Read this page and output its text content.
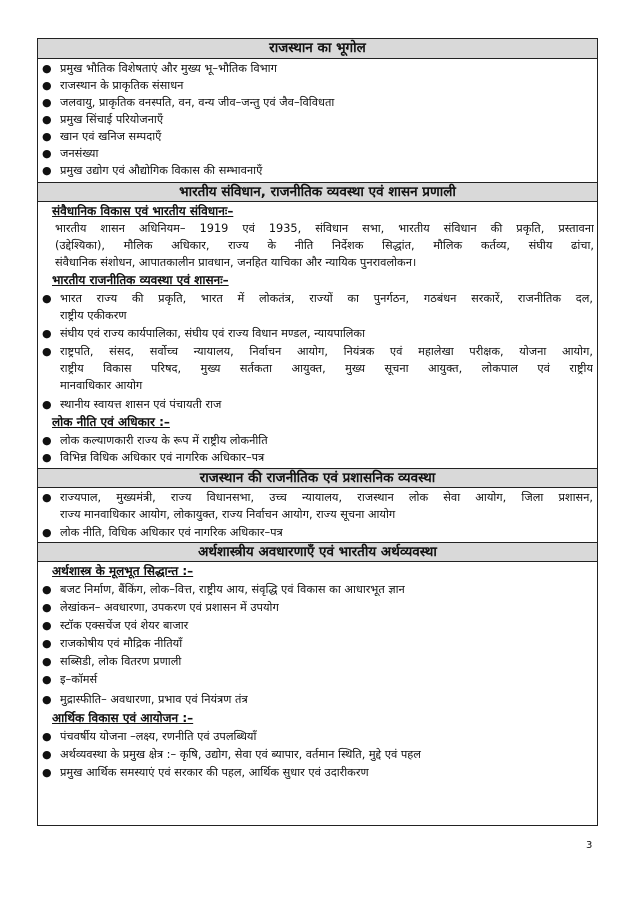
राजस्थान का भूगोल
● प्रमुख भौतिक विशेषताएं और मुख्य भू–भौतिक विभाग
● राजस्थान के प्राकृतिक संसाधन
● जलवायु, प्राकृतिक वनस्पति, वन, वन्य जीव–जन्तु एवं जैव–विविधता
● प्रमुख सिंचाई परियोजनाएँ
● खान एवं खनिज सम्पदाएँ
● जनसंख्या
● प्रमुख उद्योग एवं औद्योगिक विकास की सम्भावनाएँ
भारतीय संविधान, राजनीतिक व्यवस्था एवं शासन प्रणाली
संवैधानिक विकास एवं भारतीय संविधानः–
भारतीय शासन अधिनियम– 1919 एवं 1935, संविधान सभा, भारतीय संविधान की प्रकृति, प्रस्तावना
(उद्देश्यिका), मौलिक अधिकार, राज्य के नीति निर्देशक सिद्धांत, मौलिक कर्तव्य, संघीय ढांचा,
संवैधानिक संशोधन, आपातकालीन प्रावधान, जनहित याचिका और न्यायिक पुनरावलोकन।
भारतीय राजनीतिक व्यवस्था एवं शासनः–
● भारत राज्य की प्रकृति, भारत में लोकतंत्र, राज्यों का पुनर्गठन, गठबंधन सरकारें, राजनीतिक दल,
राष्ट्रीय एकीकरण
● संघीय एवं राज्य कार्यपालिका, संघीय एवं राज्य विधान मण्डल, न्यायपालिका
● राष्ट्रपति, संसद, सर्वोच्च न्यायालय, निर्वाचन आयोग, नियंत्रक एवं महालेखा परीक्षक, योजना आयोग,
राष्ट्रीय विकास परिषद, मुख्य सर्तकता आयुक्त, मुख्य सूचना आयुक्त, लोकपाल एवं राष्ट्रीय
मानवाधिकार आयोग
● स्थानीय स्वायत्त शासन एवं पंचायती राज
लोक नीति एवं अधिकार :–
● लोक कल्याणकारी राज्य के रूप में राष्ट्रीय लोकनीति
● विभिन्न विधिक अधिकार एवं नागरिक अधिकार–पत्र
राजस्थान की राजनीतिक एवं प्रशासनिक व्यवस्था
● राज्यपाल, मुख्यमंत्री, राज्य विधानसभा, उच्च न्यायालय, राजस्थान लोक सेवा आयोग, जिला प्रशासन,
राज्य मानवाधिकार आयोग, लोकायुक्त, राज्य निर्वाचन आयोग, राज्य सूचना आयोग
● लोक नीति, विधिक अधिकार एवं नागरिक अधिकार–पत्र
अर्थशास्त्रीय अवधारणाएँ एवं भारतीय अर्थव्यवस्था
अर्थशास्त्र के मूलभूत सिद्धान्त :–
● बजट निर्माण, बैंकिंग, लोक–वित्त, राष्ट्रीय आय, संवृद्धि एवं विकास का आधारभूत ज्ञान
● लेखांकन– अवधारणा, उपकरण एवं प्रशासन में उपयोग
● स्टॉक एक्सचेंज एवं शेयर बाजार
● राजकोषीय एवं मौद्रिक नीतियाँ
● सब्सिडी, लोक वितरण प्रणाली
● इ–कॉमर्स
● मुद्रास्फीति– अवधारणा, प्रभाव एवं नियंत्रण तंत्र
आर्थिक विकास एवं आयोजन :–
● पंचवर्षीय योजना –लक्ष्य, रणनीति एवं उपलब्धियाँ
● अर्थव्यवस्था के प्रमुख क्षेत्र :– कृषि, उद्योग, सेवा एवं ब्यापार, वर्तमान स्थिति, मुद्दे एवं पहल
● प्रमुख आर्थिक समस्याएं एवं सरकार की पहल, आर्थिक सुधार एवं उदारीकरण
3
